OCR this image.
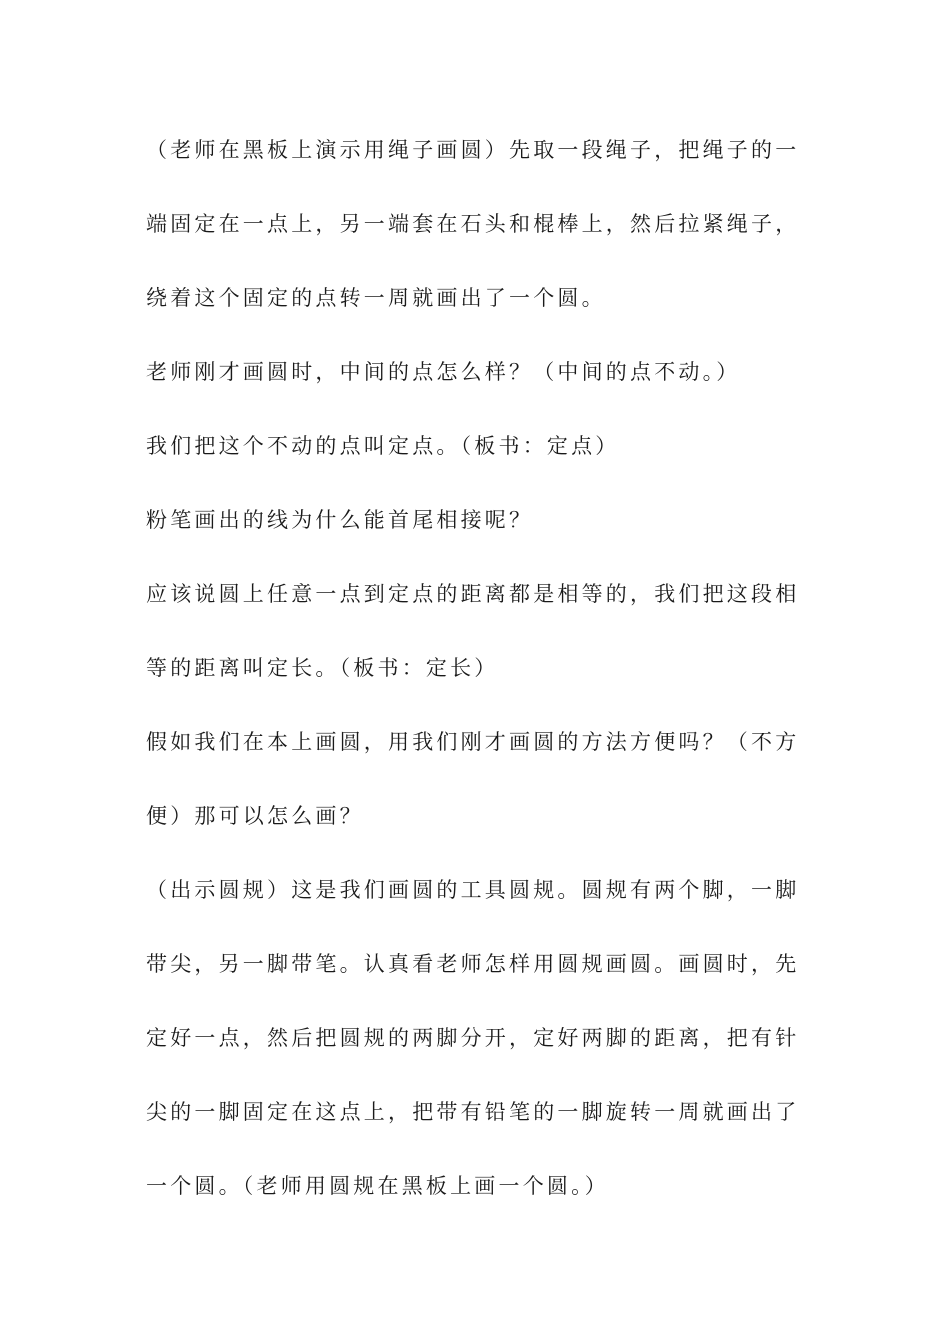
（老师在黑板上演示用绳子画圆）先取一段绳子，把绳子的一
端固定在一点上，另一端套在石头和棍棒上，然后拉紧绳子，
绕着这个固定的点转一周就画出了一个圆。
老师刚才画圆时，中间的点怎么样？（中间的点不动。）
我们把这个不动的点叫定点。（板书：定点）
粉笔画出的线为什么能首尾相接呢？
应该说圆上任意一点到定点的距离都是相等的，我们把这段相
等的距离叫定长。（板书：定长）
假如我们在本上画圆，用我们刚才画圆的方法方便吗？（不方
便）那可以怎么画？
（出示圆规）这是我们画圆的工具圆规。圆规有两个脚，一脚
带尖，另一脚带笔。认真看老师怎样用圆规画圆。画圆时，先
定好一点，然后把圆规的两脚分开，定好两脚的距离，把有针
尖的一脚固定在这点上，把带有铅笔的一脚旋转一周就画出了
一个圆。（老师用圆规在黑板上画一个圆。）
